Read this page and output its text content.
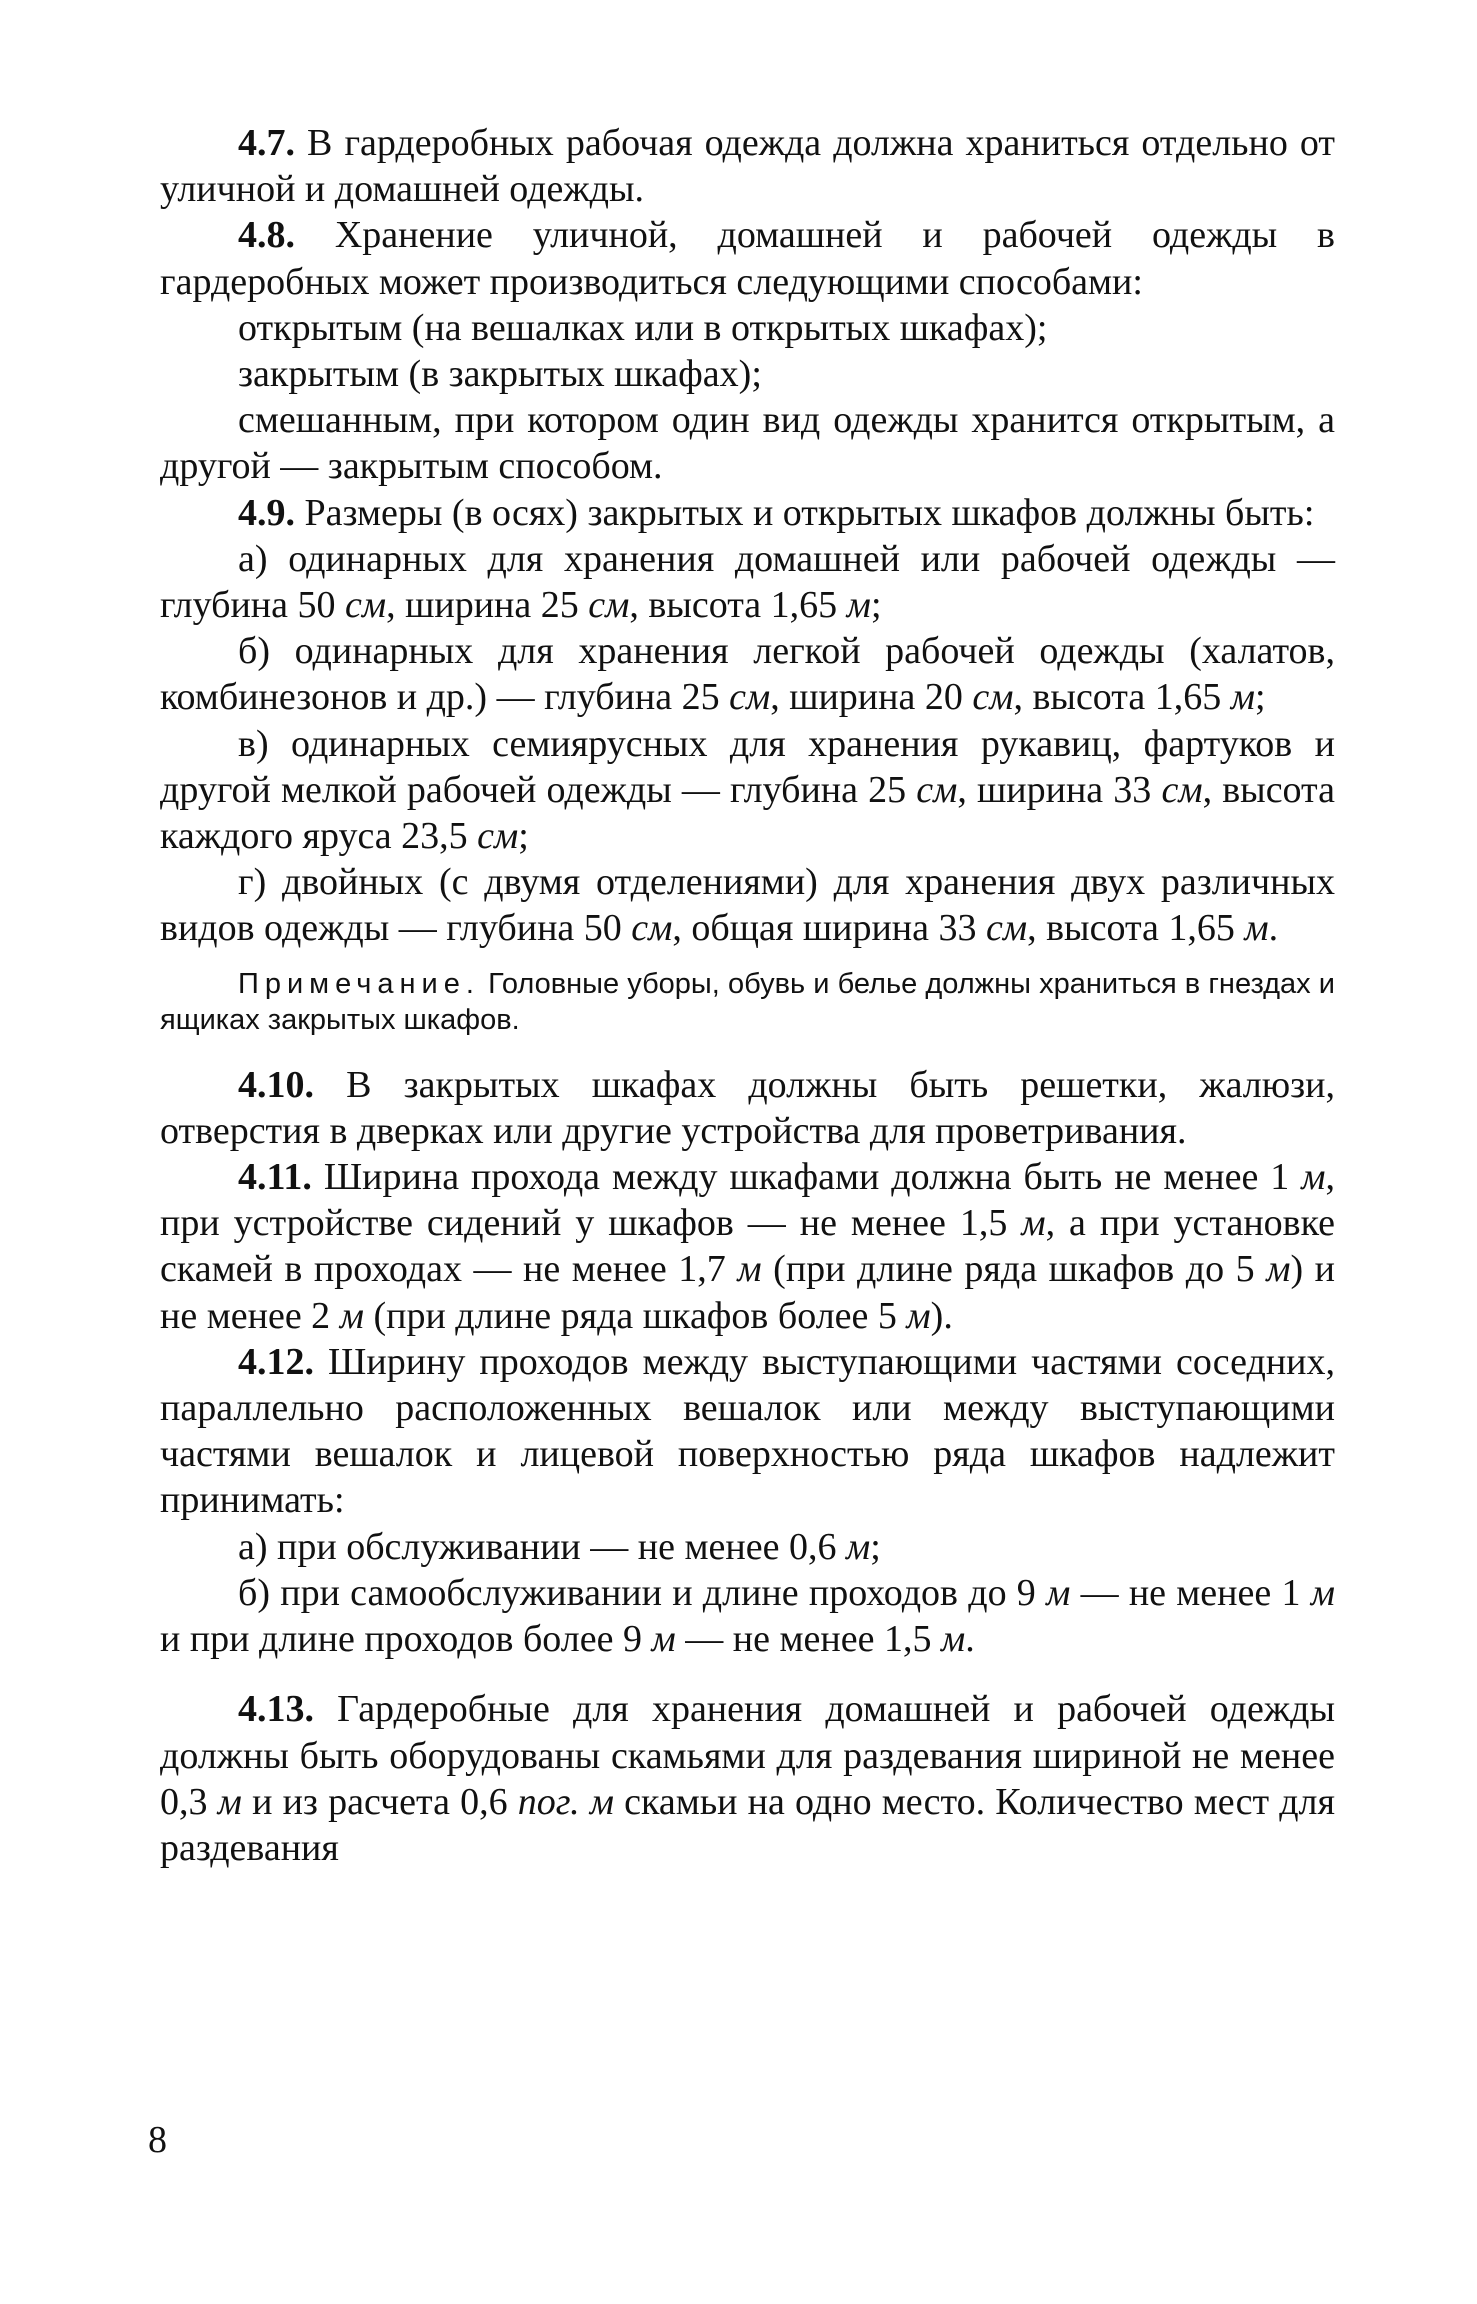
4.7. В гардеробных рабочая одежда должна храниться отдельно от уличной и домашней одежды.

4.8. Хранение уличной, домашней и рабочей одежды в гардеробных может производиться следующими способами:

открытым (на вешалках или в открытых шкафах);

закрытым (в закрытых шкафах);

смешанным, при котором один вид одежды хранится открытым, а другой — закрытым способом.

4.9. Размеры (в осях) закрытых и открытых шкафов должны быть:

а) одинарных для хранения домашней или рабочей одежды — глубина 50 см, ширина 25 см, высота 1,65 м;

б) одинарных для хранения легкой рабочей одежды (халатов, комбинезонов и др.) — глубина 25 см, ширина 20 см, высота 1,65 м;

в) одинарных семиярусных для хранения рукавиц, фартуков и другой мелкой рабочей одежды — глубина 25 см, ширина 33 см, высота каждого яруса 23,5 см;

г) двойных (с двумя отделениями) для хранения двух различных видов одежды — глубина 50 см, общая ширина 33 см, высота 1,65 м.

Примечание. Головные уборы, обувь и белье должны храниться в гнездах и ящиках закрытых шкафов.

4.10. В закрытых шкафах должны быть решетки, жалюзи, отверстия в дверках или другие устройства для проветривания.

4.11. Ширина прохода между шкафами должна быть не менее 1 м, при устройстве сидений у шкафов — не менее 1,5 м, а при установке скамей в проходах — не менее 1,7 м (при длине ряда шкафов до 5 м) и не менее 2 м (при длине ряда шкафов более 5 м).

4.12. Ширину проходов между выступающими частями соседних, параллельно расположенных вешалок или между выступающими частями вешалок и лицевой поверхностью ряда шкафов надлежит принимать:

а) при обслуживании — не менее 0,6 м;

б) при самообслуживании и длине проходов до 9 м — не менее 1 м и при длине проходов более 9 м — не менее 1,5 м.

4.13. Гардеробные для хранения домашней и рабочей одежды должны быть оборудованы скамьями для раздевания шириной не менее 0,3 м и из расчета 0,6 пог. м скамьи на одно место. Количество мест для раздевания

8
